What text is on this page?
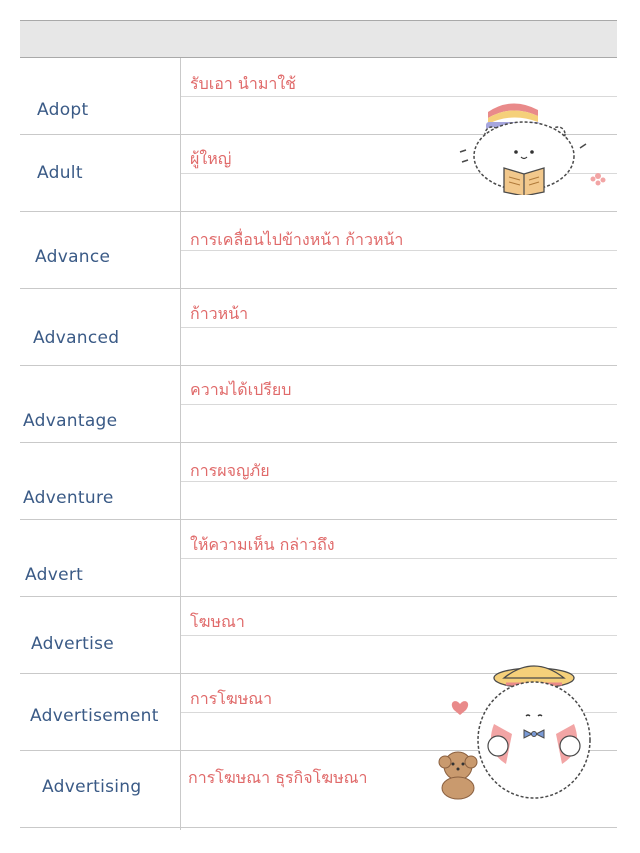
Adopt
รับเอา นำมาใช้
Adult
ผู้ใหญ่
Advance
การเคลื่อนไปข้างหน้า ก้าวหน้า
Advanced
ก้าวหน้า
Advantage
ความได้เปรียบ
Adventure
การผจญภัย
Advert
ให้ความเห็น กล่าวถึง
Advertise
โฆษณา
Advertisement
การโฆษณา
Advertising	การโฆษณา ธุรกิจโฆษณา
